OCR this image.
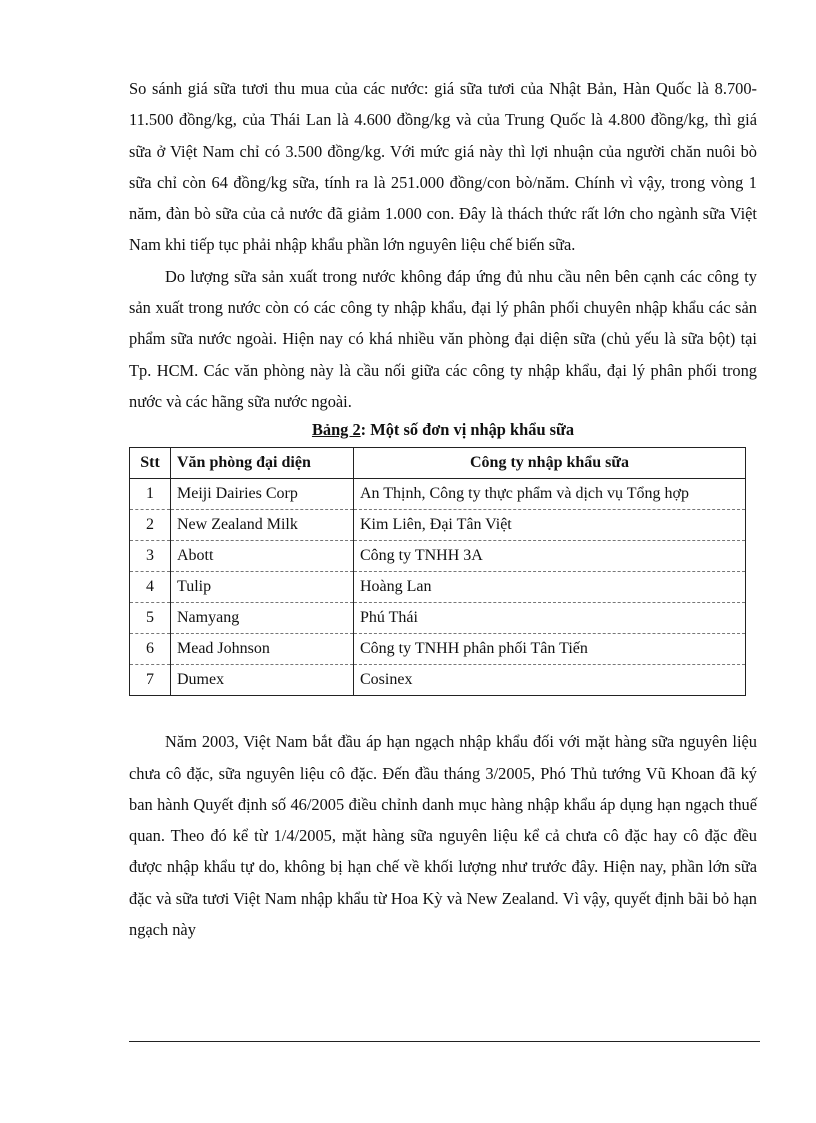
So sánh giá sữa tươi thu mua của các nước: giá sữa tươi của Nhật Bản, Hàn Quốc là 8.700-11.500 đồng/kg, của Thái Lan là 4.600 đồng/kg và của Trung Quốc là 4.800 đồng/kg, thì giá sữa ở Việt Nam chỉ có 3.500 đồng/kg. Với mức giá này thì lợi nhuận của người chăn nuôi bò sữa chỉ còn 64 đồng/kg sữa, tính ra là 251.000 đồng/con bò/năm. Chính vì vậy, trong vòng 1 năm, đàn bò sữa của cả nước đã giảm 1.000 con. Đây là thách thức rất lớn cho ngành sữa Việt Nam khi tiếp tục phải nhập khẩu phần lớn nguyên liệu chế biến sữa.

Do lượng sữa sản xuất trong nước không đáp ứng đủ nhu cầu nên bên cạnh các công ty sản xuất trong nước còn có các công ty nhập khẩu, đại lý phân phối chuyên nhập khẩu các sản phẩm sữa nước ngoài. Hiện nay có khá nhiều văn phòng đại diện sữa (chủ yếu là sữa bột) tại Tp. HCM. Các văn phòng này là cầu nối giữa các công ty nhập khẩu, đại lý phân phối trong nước và các hãng sữa nước ngoài.

Bảng 2: Một số đơn vị nhập khẩu sữa
Stt	Văn phòng đại diện	Công ty nhập khẩu sữa
1	Meiji Dairies Corp	An Thịnh, Công ty thực phẩm và dịch vụ Tổng hợp
2	New Zealand Milk	Kim Liên, Đại Tân Việt
3	Abott	Công ty TNHH 3A
4	Tulip	Hoàng Lan
5	Namyang	Phú Thái
6	Mead Johnson	Công ty TNHH phân phối Tân Tiến
7	Dumex	Cosinex

Năm 2003, Việt Nam bắt đầu áp hạn ngạch nhập khẩu đối với mặt hàng sữa nguyên liệu chưa cô đặc, sữa nguyên liệu cô đặc. Đến đầu tháng 3/2005, Phó Thủ tướng Vũ Khoan đã ký ban hành Quyết định số 46/2005 điều chỉnh danh mục hàng nhập khẩu áp dụng hạn ngạch thuế quan. Theo đó kể từ 1/4/2005, mặt hàng sữa nguyên liệu kể cả chưa cô đặc hay cô đặc đều được nhập khẩu tự do, không bị hạn chế về khối lượng như trước đây. Hiện nay, phần lớn sữa đặc và sữa tươi Việt Nam nhập khẩu từ Hoa Kỳ và New Zealand. Vì vậy, quyết định bãi bỏ hạn ngạch này
